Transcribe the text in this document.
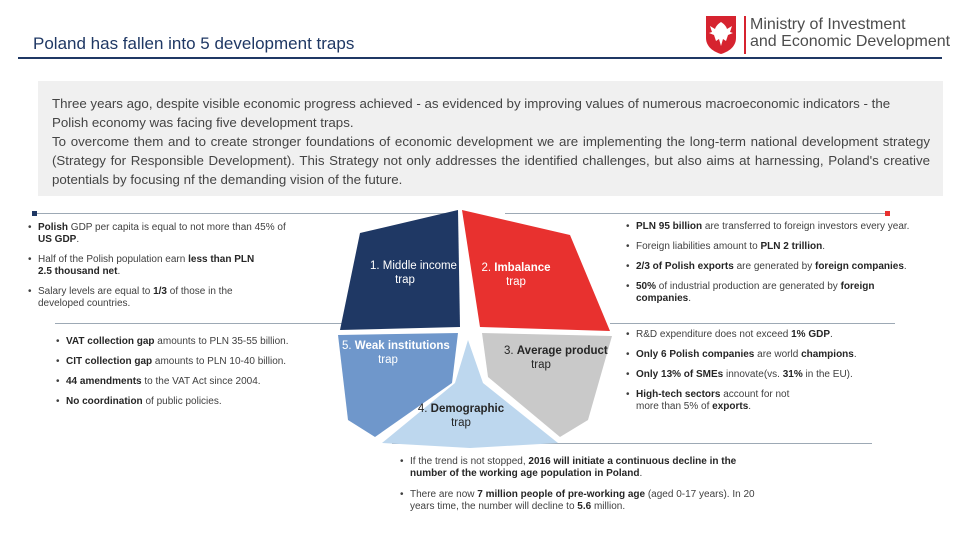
Poland has fallen into 5 development traps
Ministry of Investment
and Economic Development

Three years ago, despite visible economic progress achieved - as evidenced by improving values of numerous macroeconomic indicators - the Polish economy was facing five development traps.

To overcome them and to create stronger foundations of economic development we are implementing the long-term national development strategy (Strategy for Responsible Development). This Strategy not only addresses the identified challenges, but also aims at harnessing, Poland's creative potentials by focusing nf the demanding vision of the future.

• Polish GDP per capita is equal to not more than 45% of US GDP.
• Half of the Polish population earn less than PLN 2.5 thousand net.
• Salary levels are equal to 1/3 of those in the developed countries.
• VAT collection gap amounts to PLN 35-55 billion.
• CIT collection gap amounts to PLN 10-40 billion.
• 44 amendments to the VAT Act since 2004.
• No coordination of public policies.
• PLN 95 billion are transferred to foreign investors every year.
• Foreign liabilities amount to PLN 2 trillion.
• 2/3 of Polish exports are generated by foreign companies.
• 50% of industrial production are generated by foreign companies.
• R&D expenditure does not exceed 1% GDP.
• Only 6 Polish companies are world champions.
• Only 13% of SMEs innovate(vs. 31% in the EU).
• High-tech sectors account for not more than 5% of exports.
• If the trend is not stopped, 2016 will initiate a continuous decline in the number of the working age population in Poland.
• There are now 7 million people of pre-working age (aged 0-17 years). In 20 years time, the number will decline to 5.6 million.
1. Middle income
trap
2. Imbalance
trap
5. Weak institutions
trap
3. Average product
trap
4. Demographic
trap
